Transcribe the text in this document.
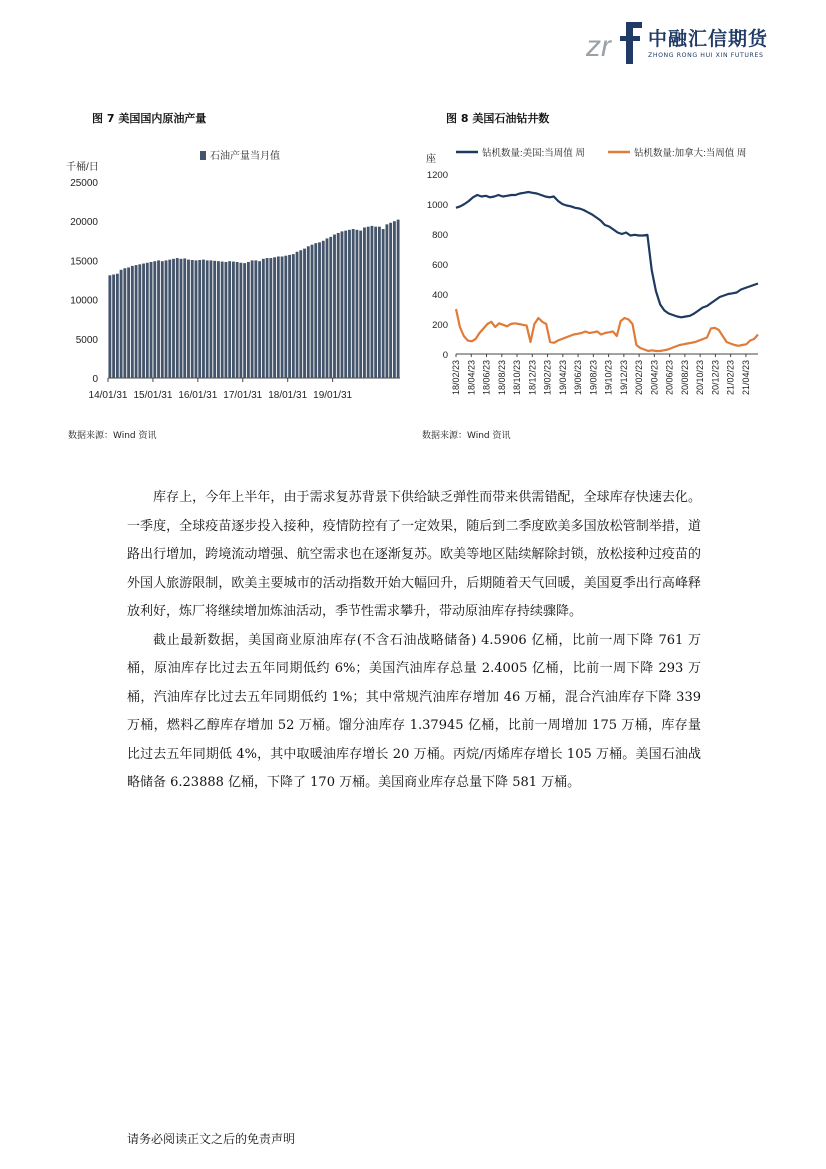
zr 中融汇信期货
ZHONG RONG HUI XIN FUTURES
图 7 美国国内原油产量	图 8 美国石油钻井数
石油产量当月值
千桶/日
0
5000
10000
15000
20000
25000
14/01/31 15/01/31 16/01/31 17/01/31 18/01/31 19/01/31
钻机数量:美国:当周值 周	钻机数量:加拿大:当周值 周
座
0
200
400
600
800
1000
1200
18/02/23 18/04/23 18/06/23 18/08/23 18/10/23 18/12/23 19/02/23 19/04/23 19/06/23 19/08/23 19/10/23 19/12/23 20/02/23 20/04/23 20/06/23 20/08/23 20/10/23 20/12/23 21/02/23 21/04/23
数据来源：Wind 资讯	数据来源：Wind 资讯

库存上，今年上半年，由于需求复苏背景下供给缺乏弹性而带来供需错配，全球库存快速去化。一季度，全球疫苗逐步投入接种，疫情防控有了一定效果，随后到二季度欧美多国放松管制举措，道路出行增加，跨境流动增强、航空需求也在逐渐复苏。欧美等地区陆续解除封锁，放松接种过疫苗的外国人旅游限制，欧美主要城市的活动指数开始大幅回升，后期随着天气回暖，美国夏季出行高峰释放利好，炼厂将继续增加炼油活动，季节性需求攀升，带动原油库存持续骤降。

截止最新数据，美国商业原油库存(不含石油战略储备) 4.5906 亿桶，比前一周下降 761 万桶，原油库存比过去五年同期低约 6%；美国汽油库存总量 2.4005 亿桶，比前一周下降 293 万桶，汽油库存比过去五年同期低约 1%；其中常规汽油库存增加 46 万桶，混合汽油库存下降 339 万桶，燃料乙醇库存增加 52 万桶。馏分油库存 1.37945 亿桶，比前一周增加 175 万桶，库存量比过去五年同期低 4%，其中取暖油库存增长 20 万桶。丙烷/丙烯库存增长 105 万桶。美国石油战略储备 6.23888 亿桶，下降了 170 万桶。美国商业库存总量下降 581 万桶。

请务必阅读正文之后的免责声明
